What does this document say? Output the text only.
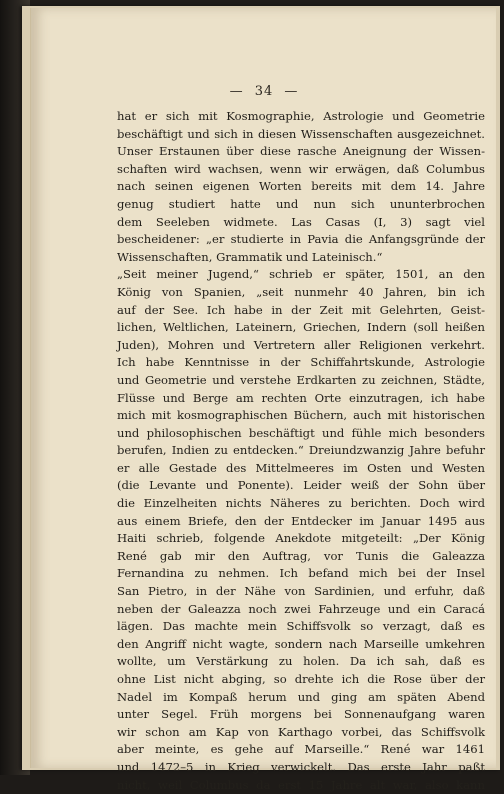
— 34 —
hat er sich mit Kosmographie, Astrologie und Geometrie
beschäftigt und sich in diesen Wissenschaften ausgezeichnet.
Unser Erstaunen über diese rasche Aneignung der Wissen-
schaften wird wachsen, wenn wir erwägen, daß Columbus
nach seinen eigenen Worten bereits mit dem 14. Jahre
genug studiert hatte und nun sich ununterbrochen
dem Seeleben widmete. Las Casas (I, 3) sagt viel
bescheidener: „er studierte in Pavia die Anfangsgründe der
Wissenschaften, Grammatik und Lateinisch.“
„Seit meiner Jugend,“ schrieb er später, 1501, an den
König von Spanien, „seit nunmehr 40 Jahren, bin ich
auf der See. Ich habe in der Zeit mit Gelehrten, Geist-
lichen, Weltlichen, Lateinern, Griechen, Indern (soll heißen
Juden), Mohren und Vertretern aller Religionen verkehrt.
Ich habe Kenntnisse in der Schiffahrtskunde, Astrologie
und Geometrie und verstehe Erdkarten zu zeichnen, Städte,
Flüsse und Berge am rechten Orte einzutragen, ich habe
mich mit kosmographischen Büchern, auch mit historischen
und philosophischen beschäftigt und fühle mich besonders
berufen, Indien zu entdecken.“ Dreiundzwanzig Jahre befuhr
er alle Gestade des Mittelmeeres im Osten und Westen
(die Levante und Ponente). Leider weiß der Sohn über
die Einzelheiten nichts Näheres zu berichten. Doch wird
aus einem Briefe, den der Entdecker im Januar 1495 aus
Haiti schrieb, folgende Anekdote mitgeteilt: „Der König
René gab mir den Auftrag, vor Tunis die Galeazza
Fernandina zu nehmen. Ich befand mich bei der Insel
San Pietro, in der Nähe von Sardinien, und erfuhr, daß
neben der Galeazza noch zwei Fahrzeuge und ein Caracá
lägen. Das machte mein Schiffsvolk so verzagt, daß es
den Angriff nicht wagte, sondern nach Marseille umkehren
wollte, um Verstärkung zu holen. Da ich sah, daß es
ohne List nicht abging, so drehte ich die Rose über der
Nadel im Kompaß herum und ging am späten Abend
unter Segel. Früh morgens bei Sonnenaufgang waren
wir schon am Kap von Karthago vorbei, das Schiffsvolk
aber meinte, es gehe auf Marseille.“ René war 1461
und 1472–5 in Krieg verwickelt. Das erste Jahr paßt
nicht, weil Columbus da erst 15 Jahre alt war, also kann
